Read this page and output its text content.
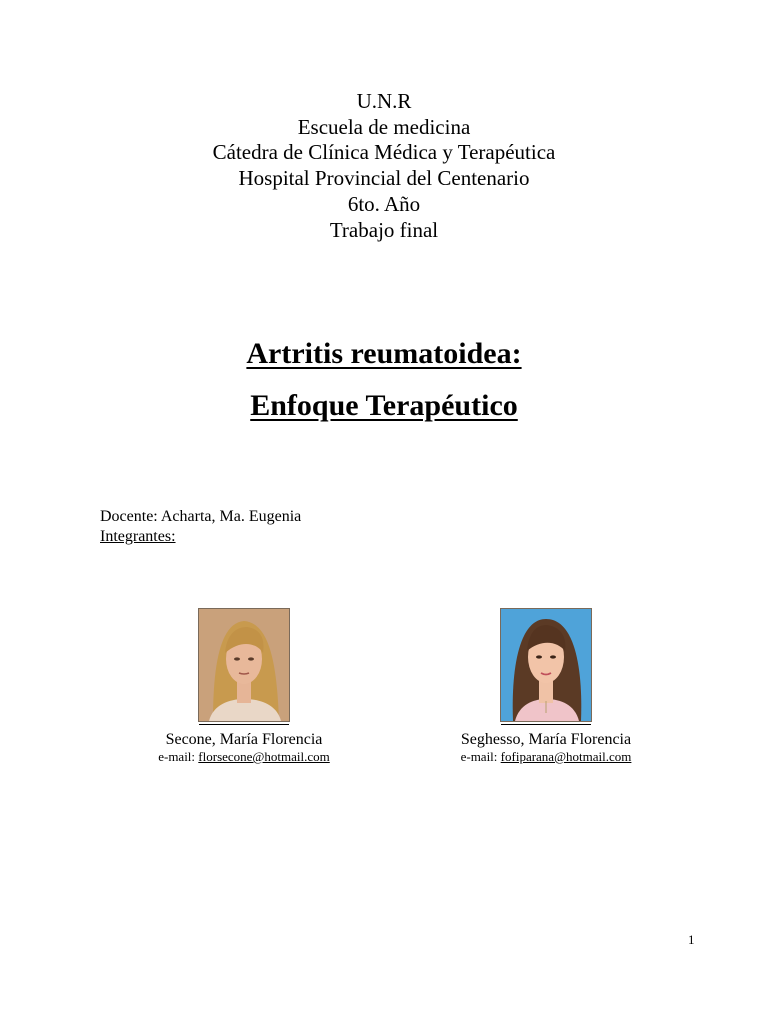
U.N.R
Escuela de medicina
Cátedra de Clínica Médica y Terapéutica
Hospital Provincial del Centenario
6to. Año
Trabajo final
Artritis reumatoidea:
Enfoque Terapéutico
Docente: Acharta, Ma. Eugenia
Integrantes:
Secone, María Florencia
e-mail: florsecone@hotmail.com
Seghesso, María Florencia
e-mail: fofiparana@hotmail.com
1
